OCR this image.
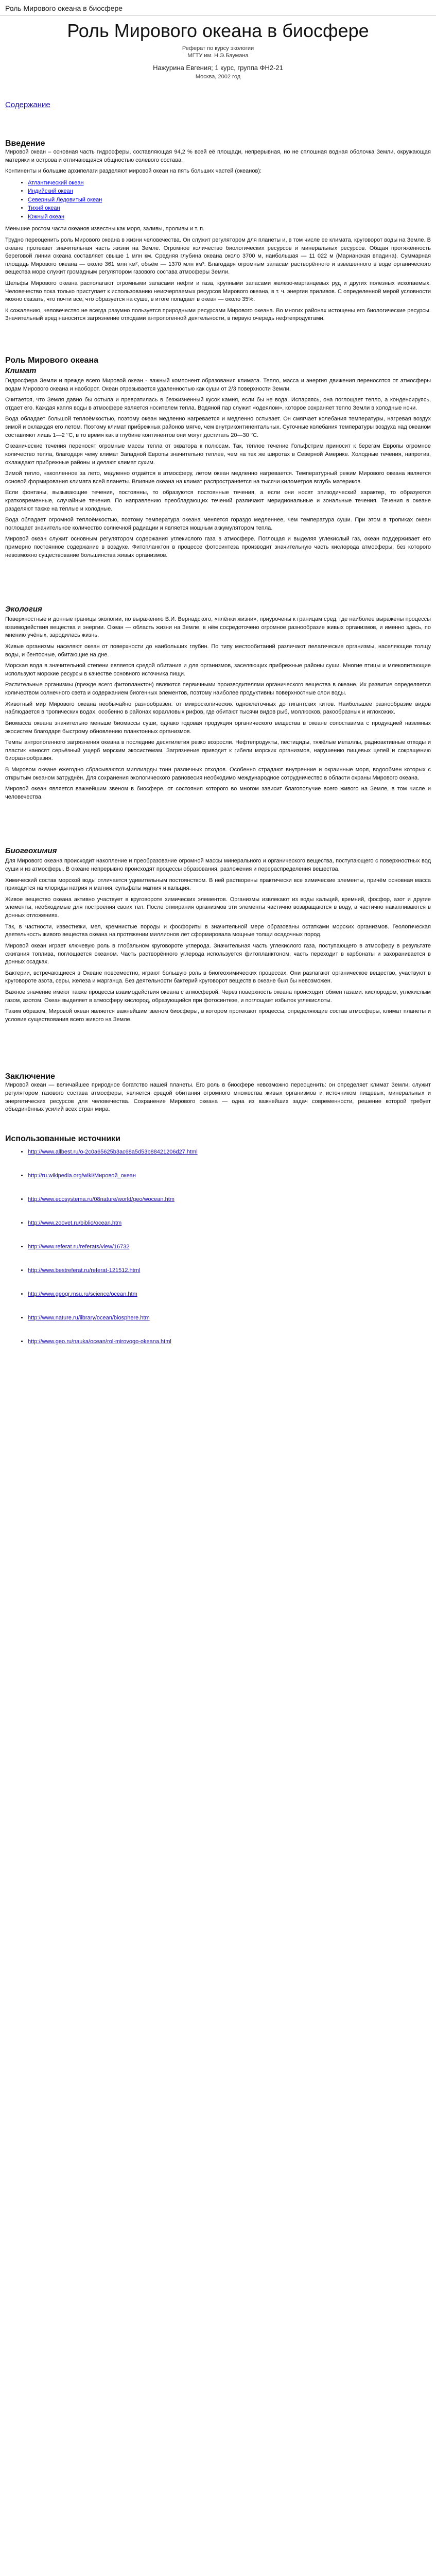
Роль Мирового океана в биосфере
Роль Мирового океана в биосфере
Реферат по курсу экологии
МГТУ им. Н.Э.Баумана
Нажурина Евгения; 1 курс, группа ФН2-21
Москва, 2002 год
Содержание
Введение

Мировой океан – основная часть гидросферы, составляющая 94,2 % всей её площади, непрерывная, но не сплошная водная оболочка Земли, окружающая материки и острова и отличающаяся общностью солевого состава.

Континенты и большие архипелаги разделяют мировой океан на пять больших частей (океанов):

• Атлантический океан
• Индийский океан
• Северный Ледовитый океан
• Тихий океан
• Южный океан

Меньшие ростом части океанов известны как моря, заливы, проливы и т. п.

Трудно переоценить роль Мирового океана в жизни человечества. Он служит регулятором для планеты и, в том числе ее климата, круговорот воды на Земле. В океане протекает значительная часть жизни на Земле. Огромное количество биологических ресурсов и минеральных ресурсов. Общая протяжённость береговой линии океана составляет свыше 1 млн км. Средняя глубина океана около 3700 м, наибольшая — 11 022 м (Марианская впадина). Суммарная площадь Мирового океана — около 361 млн км², объём — 1370 млн км³. Благодаря огромным запасам растворённого и взвешенного в воде органического вещества море служит громадным регулятором газового состава атмосферы Земли.

Шельфы Мирового океана располагают огромными запасами нефти и газа, крупными запасами железо-марганцевых руд и других полезных ископаемых. Человечество пока только приступает к использованию неисчерпаемых ресурсов Мирового океана, в т. ч. энергии приливов. С определенной мерой условности можно сказать, что почти все, что образуется на суше, в итоге попадает в океан — около 35%.

К сожалению, человечество не всегда разумно пользуется природными ресурсами Мирового океана. Во многих районах истощены его биологические ресурсы. Значительный вред наносится загрязнение отходами антропогенной деятельности, в первую очередь нефтепродуктами.

Роль Мирового океана
Климат

Гидросфера Земли и прежде всего Мировой океан - важный компонент образования климата. Тепло, масса и энергия движения переносятся от атмосферы водам Мирового океана и наоборот. Океан отрезывается удаленностью как суши от 2/3 поверхности Земли.

Считается, что Земля давно бы остыла и превратилась в безжизненный кусок камня, если бы не вода. Испаряясь, она поглощает тепло, а конденсируясь, отдает его. Каждая капля воды в атмосфере является носителем тепла. Водяной пар служит «одеялом», которое сохраняет тепло Земли в холодные ночи.

Вода обладает большой теплоёмкостью, поэтому океан медленно нагревается и медленно остывает. Он смягчает колебания температуры, нагревая воздух зимой и охлаждая его летом. Поэтому климат прибрежных районов мягче, чем внутриконтинентальных. Суточные колебания температуры воздуха над океаном составляют лишь 1—2 °C, в то время как в глубине континентов они могут достигать 20—30 °C.

Океанические течения переносят огромные массы тепла от экватора к полюсам. Так, тёплое течение Гольфстрим приносит к берегам Европы огромное количество тепла, благодаря чему климат Западной Европы значительно теплее, чем на тех же широтах в Северной Америке. Холодные течения, напротив, охлаждают прибрежные районы и делают климат сухим.

Зимой тепло, накопленное за лето, медленно отдаётся в атмосферу, летом океан медленно нагревается. Температурный режим Мирового океана является основой формирования климата всей планеты. Влияние океана на климат распространяется на тысячи километров вглубь материков.

Если фонтаны, вызывающие течения, постоянны, то образуются постоянные течения, а если они носят эпизодический характер, то образуются кратковременные, случайные течения. По направлению преобладающих течений различают меридиональные и зональные течения. Течения в океане разделяют также на тёплые и холодные.

Вода обладает огромной теплоёмкостью, поэтому температура океана меняется гораздо медленнее, чем температура суши. При этом в тропиках океан поглощает значительное количество солнечной радиации и является мощным аккумулятором тепла.

Мировой океан служит основным регулятором содержания углекислого газа в атмосфере. Поглощая и выделяя углекислый газ, океан поддерживает его примерно постоянное содержание в воздухе. Фитопланктон в процессе фотосинтеза производит значительную часть кислорода атмосферы, без которого невозможно существование большинства живых организмов.

Экология

Поверхностные и донные границы экологии, по выражению В.И. Вернадского, «плёнки жизни», приурочены к границам сред, где наиболее выражены процессы взаимодействия вещества и энергии. Океан — область жизни на Земле, в нём сосредоточено огромное разнообразие живых организмов, и именно здесь, по мнению учёных, зародилась жизнь.

Живые организмы населяют океан от поверхности до наибольших глубин. По типу местообитаний различают пелагические организмы, населяющие толщу воды, и бентосные, обитающие на дне.

Морская вода в значительной степени является средой обитания и для организмов, заселяющих прибрежные районы суши. Многие птицы и млекопитающие используют морские ресурсы в качестве основного источника пищи.

Растительные организмы (прежде всего фитопланктон) являются первичными производителями органического вещества в океане. Их развитие определяется количеством солнечного света и содержанием биогенных элементов, поэтому наиболее продуктивны поверхностные слои воды.

Животный мир Мирового океана необычайно разнообразен: от микроскопических одноклеточных до гигантских китов. Наибольшее разнообразие видов наблюдается в тропических водах, особенно в районах коралловых рифов, где обитают тысячи видов рыб, моллюсков, ракообразных и иглокожих.

Биомасса океана значительно меньше биомассы суши, однако годовая продукция органического вещества в океане сопоставима с продукцией наземных экосистем благодаря быстрому обновлению планктонных организмов.

Темпы антропогенного загрязнения океана в последние десятилетия резко возросли. Нефтепродукты, пестициды, тяжёлые металлы, радиоактивные отходы и пластик наносят серьёзный ущерб морским экосистемам. Загрязнение приводит к гибели морских организмов, нарушению пищевых цепей и сокращению биоразнообразия.

В Мировом океане ежегодно сбрасываются миллиарды тонн различных отходов. Особенно страдают внутренние и окраинные моря, водообмен которых с открытым океаном затруднён. Для сохранения экологического равновесия необходимо международное сотрудничество в области охраны Мирового океана.

Мировой океан является важнейшим звеном в биосфере, от состояния которого во многом зависит благополучие всего живого на Земле, в том числе и человечества.

Биогеохимия

Для Мирового океана происходит накопление и преобразование огромной массы минерального и органического вещества, поступающего с поверхностных вод суши и из атмосферы. В океане непрерывно происходят процессы образования, разложения и перераспределения вещества.

Химический состав морской воды отличается удивительным постоянством. В ней растворены практически все химические элементы, причём основная масса приходится на хлориды натрия и магния, сульфаты магния и кальция.

Живое вещество океана активно участвует в круговороте химических элементов. Организмы извлекают из воды кальций, кремний, фосфор, азот и другие элементы, необходимые для построения своих тел. После отмирания организмов эти элементы частично возвращаются в воду, а частично накапливаются в донных отложениях.

Так, в частности, известняки, мел, кремнистые породы и фосфориты в значительной мере образованы остатками морских организмов. Геологическая деятельность живого вещества океана на протяжении миллионов лет сформировала мощные толщи осадочных пород.

Мировой океан играет ключевую роль в глобальном круговороте углерода. Значительная часть углекислого газа, поступающего в атмосферу в результате сжигания топлива, поглощается океаном. Часть растворённого углерода используется фитопланктоном, часть переходит в карбонаты и захоранивается в донных осадках.

Бактерии, встречающиеся в Океане повсеместно, играют большую роль в биогеохимических процессах. Они разлагают органическое вещество, участвуют в круговороте азота, серы, железа и марганца. Без деятельности бактерий круговорот веществ в океане был бы невозможен.

Важное значение имеют также процессы взаимодействия океана с атмосферой. Через поверхность океана происходит обмен газами: кислородом, углекислым газом, азотом. Океан выделяет в атмосферу кислород, образующийся при фотосинтезе, и поглощает избыток углекислоты.

Таким образом, Мировой океан является важнейшим звеном биосферы, в котором протекают процессы, определяющие состав атмосферы, климат планеты и условия существования всего живого на Земле.

Заключение

Мировой океан — величайшее природное богатство нашей планеты. Его роль в биосфере невозможно переоценить: он определяет климат Земли, служит регулятором газового состава атмосферы, является средой обитания огромного множества живых организмов и источником пищевых, минеральных и энергетических ресурсов для человечества. Сохранение Мирового океана — одна из важнейших задач современности, решение которой требует объединённых усилий всех стран мира.

Использованные источники
• http://www.allbest.ru/o-2c0a65625b3ac68a5d53b88421206d27.html
• http://ru.wikipedia.org/wiki/Мировой_океан
• http://www.ecosystema.ru/08nature/world/geo/wocean.htm
• http://www.zoovet.ru/biblio/ocean.htm
• http://www.referat.ru/referats/view/16732
• http://www.bestreferat.ru/referat-121512.html
• http://www.geogr.msu.ru/science/ocean.htm
• http://www.nature.ru/library/ocean/biosphere.htm
• http://www.geo.ru/nauka/ocean/rol-mirovogo-okeana.html
